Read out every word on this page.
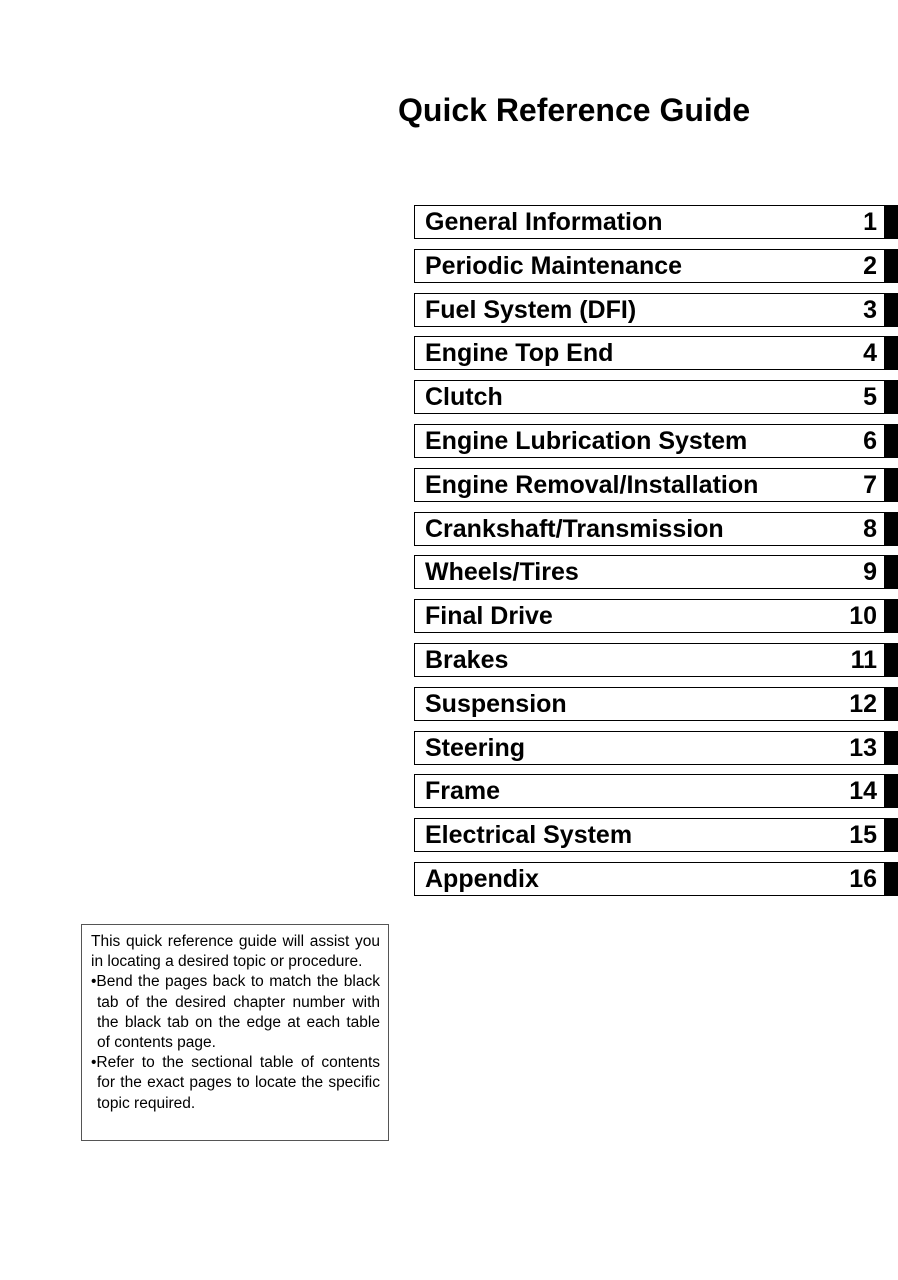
Quick Reference Guide
General Information	1
Periodic Maintenance	2
Fuel System (DFI)	3
Engine Top End	4
Clutch	5
Engine Lubrication System	6
Engine Removal/Installation	7
Crankshaft/Transmission	8
Wheels/Tires	9
Final Drive	10
Brakes	11
Suspension	12
Steering	13
Frame	14
Electrical System	15
Appendix	16

This quick reference guide will assist you in locating a desired topic or procedure.

•Bend the pages back to match the black tab of the desired chapter number with the black tab on the edge at each table of contents page.

•Refer to the sectional table of contents for the exact pages to locate the specific topic required.
